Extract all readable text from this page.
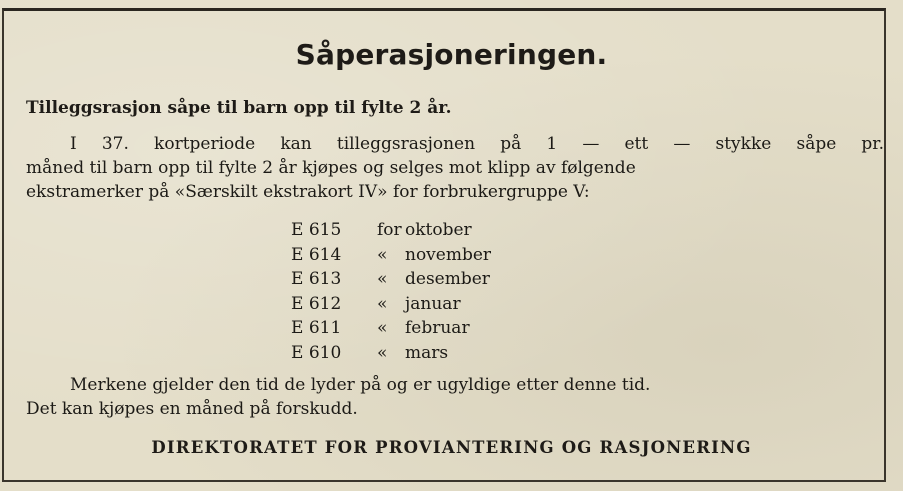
Såperasjoneringen.
Tilleggsrasjon såpe til barn opp til fylte 2 år.
I 37. kortperiode kan tilleggsrasjonen på 1 — ett — stykke såpe pr.
måned til barn opp til fylte 2 år kjøpes og selges mot klipp av følgende
ekstramerker på «Særskilt ekstrakort IV» for forbrukergruppe V:
E 615	for oktober
E 614	«	november
E 613	«	desember
E 612	«	januar
E 611	«	februar
E 610	«	mars
Merkene gjelder den tid de lyder på og er ugyldige etter denne tid.
Det kan kjøpes en måned på forskudd.
DIREKTORATET FOR PROVIANTERING OG RASJONERING
